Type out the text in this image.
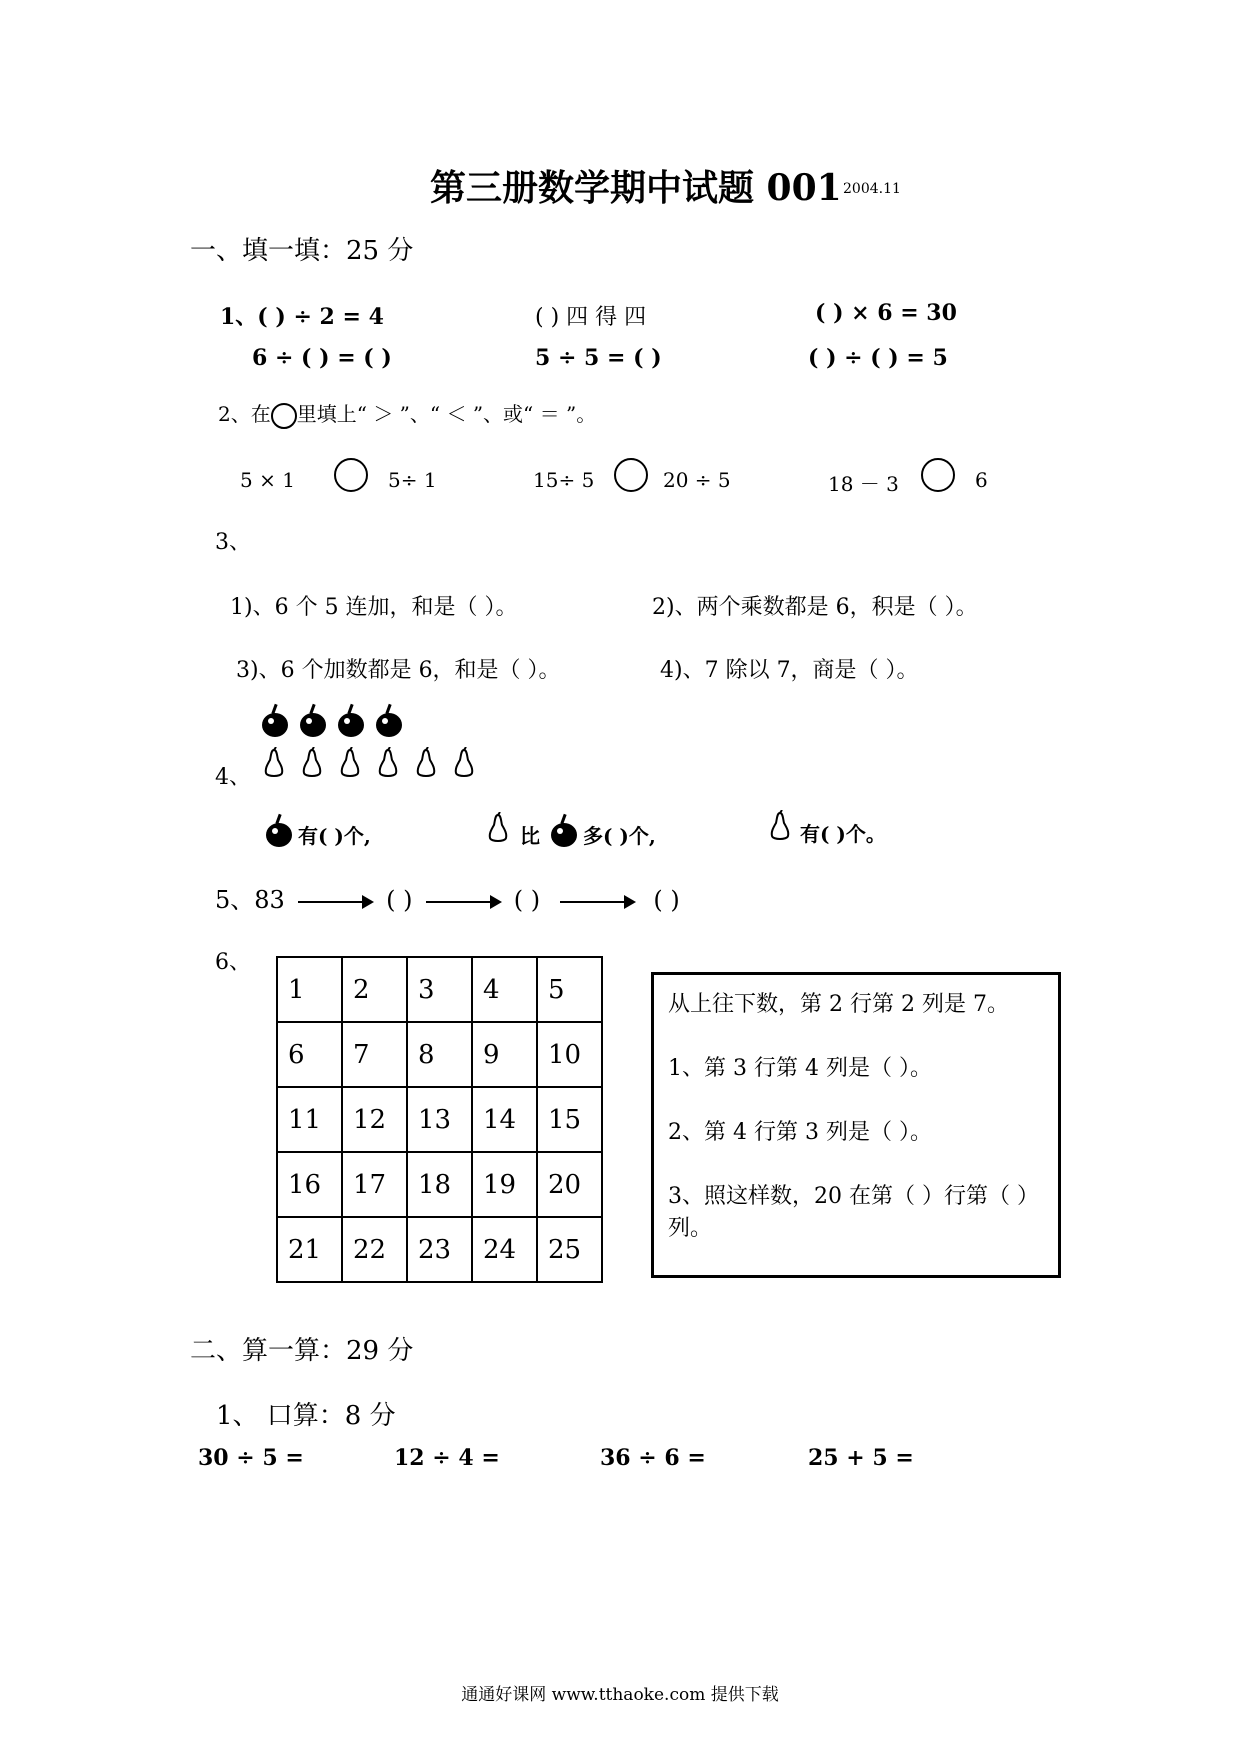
第三册数学期中试题 001 2004.11
一、填一填：25 分
1、( ) ÷ 2 = 4	( ) 四 得 四	( ) × 6 = 30
6 ÷ ( ) = ( )	5 ÷ 5 = ( )	( ) ÷ ( ) = 5
2、在 里填上“ ＞ ”、“ ＜ ”、或“ ＝ ”。
5 × 1	5÷ 1	15÷ 5	20 ÷ 5	18 － 3	6
3、
1)、6 个 5 连加，和是（ ）。	2)、两个乘数都是 6，积是（ ）。
3)、6 个加数都是 6，和是（ ）。	4)、7 除以 7，商是（ ）。
4、
有( )个,	比 多( )个,	有( )个。
5、83	( )	( )	( )
6、
1	2	3	4	5
6	7	8	9	10
11	12	13	14	15
16	17	18	19	20
21	22	23	24	25

从上往下数，第 2 行第 2 列是 7。

1、第 3 行第 4 列是（ ）。

2、第 4 行第 3 列是（ ）。

3、照这样数，20 在第（ ）行第（ ）列。

二、算一算：29 分
1、 口算：8 分
30 ÷ 5 =	12 ÷ 4 =	36 ÷ 6 =	25 + 5 =
通通好课网 www.tthaoke.com 提供下载
